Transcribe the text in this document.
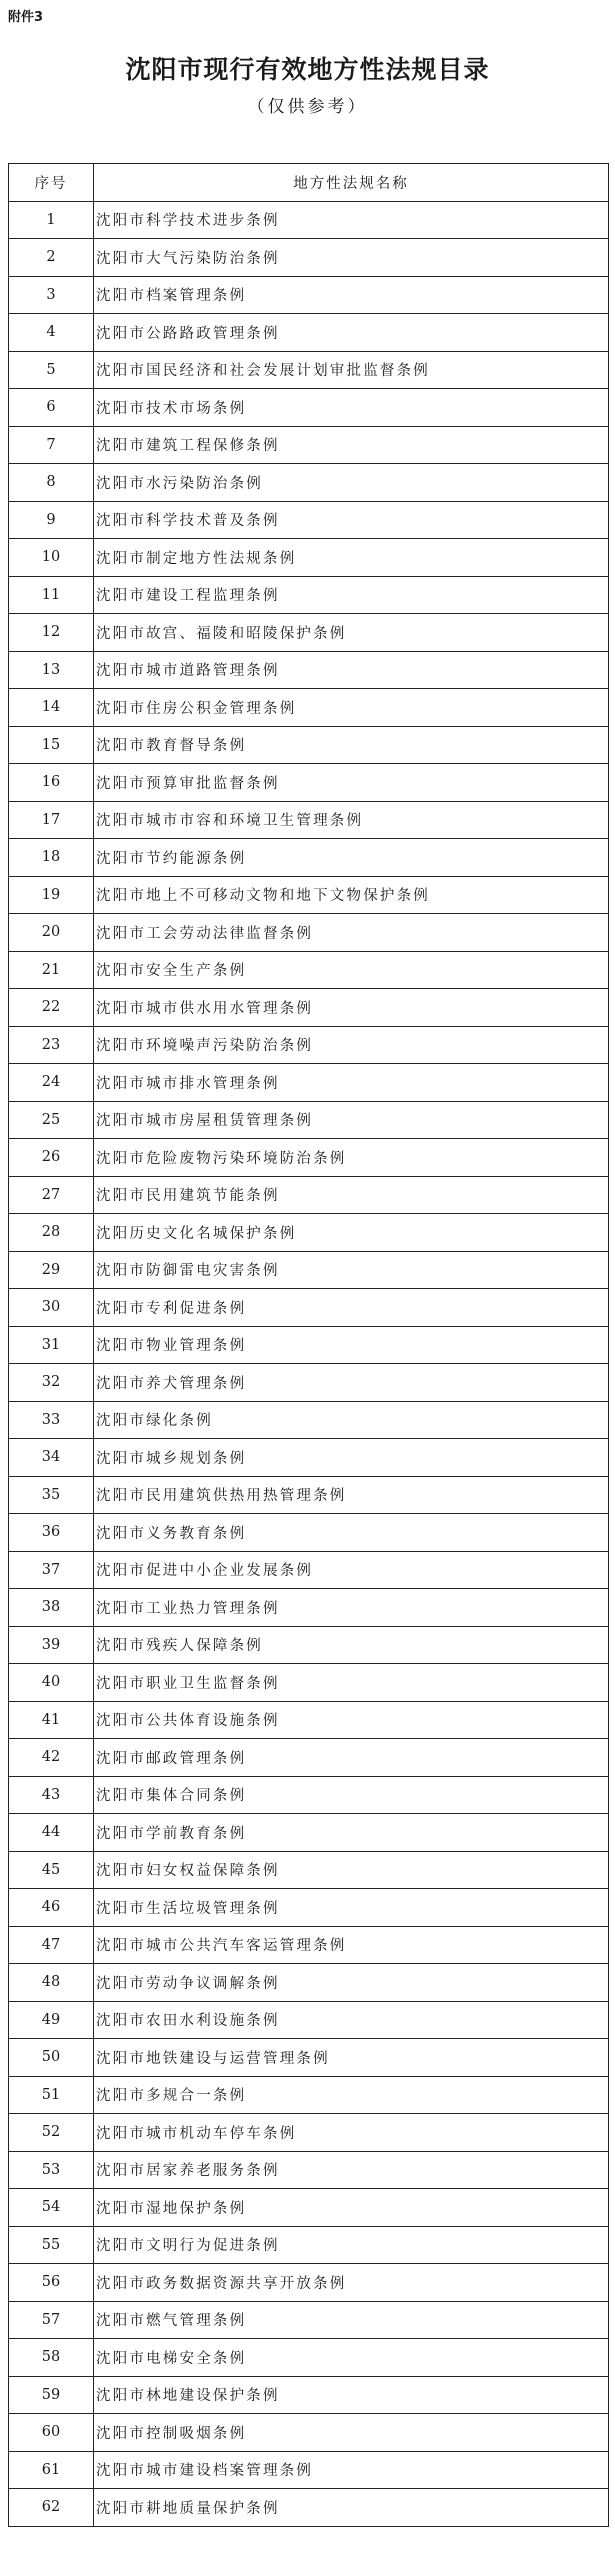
附件3
沈阳市现行有效地方性法规目录
（仅供参考）
序号	地方性法规名称
1	沈阳市科学技术进步条例
2	沈阳市大气污染防治条例
3	沈阳市档案管理条例
4	沈阳市公路路政管理条例
5	沈阳市国民经济和社会发展计划审批监督条例
6	沈阳市技术市场条例
7	沈阳市建筑工程保修条例
8	沈阳市水污染防治条例
9	沈阳市科学技术普及条例
10	沈阳市制定地方性法规条例
11	沈阳市建设工程监理条例
12	沈阳市故宫、福陵和昭陵保护条例
13	沈阳市城市道路管理条例
14	沈阳市住房公积金管理条例
15	沈阳市教育督导条例
16	沈阳市预算审批监督条例
17	沈阳市城市市容和环境卫生管理条例
18	沈阳市节约能源条例
19	沈阳市地上不可移动文物和地下文物保护条例
20	沈阳市工会劳动法律监督条例
21	沈阳市安全生产条例
22	沈阳市城市供水用水管理条例
23	沈阳市环境噪声污染防治条例
24	沈阳市城市排水管理条例
25	沈阳市城市房屋租赁管理条例
26	沈阳市危险废物污染环境防治条例
27	沈阳市民用建筑节能条例
28	沈阳历史文化名城保护条例
29	沈阳市防御雷电灾害条例
30	沈阳市专利促进条例
31	沈阳市物业管理条例
32	沈阳市养犬管理条例
33	沈阳市绿化条例
34	沈阳市城乡规划条例
35	沈阳市民用建筑供热用热管理条例
36	沈阳市义务教育条例
37	沈阳市促进中小企业发展条例
38	沈阳市工业热力管理条例
39	沈阳市残疾人保障条例
40	沈阳市职业卫生监督条例
41	沈阳市公共体育设施条例
42	沈阳市邮政管理条例
43	沈阳市集体合同条例
44	沈阳市学前教育条例
45	沈阳市妇女权益保障条例
46	沈阳市生活垃圾管理条例
47	沈阳市城市公共汽车客运管理条例
48	沈阳市劳动争议调解条例
49	沈阳市农田水利设施条例
50	沈阳市地铁建设与运营管理条例
51	沈阳市多规合一条例
52	沈阳市城市机动车停车条例
53	沈阳市居家养老服务条例
54	沈阳市湿地保护条例
55	沈阳市文明行为促进条例
56	沈阳市政务数据资源共享开放条例
57	沈阳市燃气管理条例
58	沈阳市电梯安全条例
59	沈阳市林地建设保护条例
60	沈阳市控制吸烟条例
61	沈阳市城市建设档案管理条例
62	沈阳市耕地质量保护条例
